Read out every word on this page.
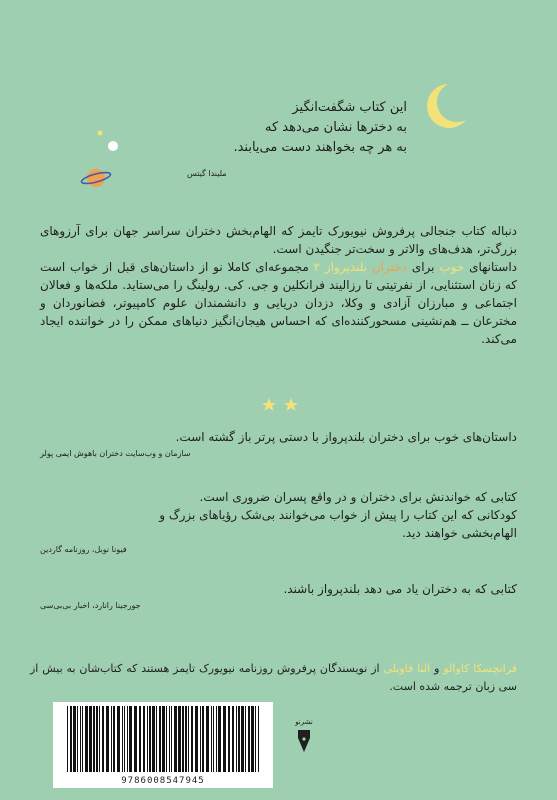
این کتاب شگفت‌انگیز
به دخترها نشان می‌دهد که
به هر چه بخواهند دست می‌یابند.
ملیندا گیتس

دنباله کتاب جنجالی پرفروش نیویورک تایمز که الهام‌بخش دختران سراسر جهان برای آرزوهای بزرگ‌تر، هدف‌های والاتر و سخت‌تر جنگیدن است.

داستانهای خوب برای دختران بلندپرواز ۲ مجموعه‌ای کاملا نو از داستان‌های قبل از خواب است که زنان استثنایی، از نفرتیتی تا رزالیند فرانکلین و جی. کی. رولینگ را می‌ستاید. ملکه‌ها و فعالان اجتماعی و مبارزان آزادی و وکلا، دزدان دریایی و دانشمندان علوم کامپیوتر، فضانوردان و مخترعان ــ هم‌نشینی مسحورکننده‌ای که احساس هیجان‌انگیز دنیاهای ممکن را در خواننده ایجاد می‌کند.

داستان‌های خوب برای دختران بلندپرواز با دستی پرتر باز گشته است.
سازمان و وب‌سایت دختران باهوش ایمی پولر
کتابی که خواندنش برای دختران و در واقع پسران ضروری است.
کودکانی که این کتاب را پیش از خواب می‌خوانند بی‌شک رؤیاهای بزرگ و
الهام‌بخشی خواهند دید.
فیونا نوبل، روزنامه گاردین
کتابی که به دختران یاد می دهد بلندپرواز باشند.
جورجینا رانارد، اخبار بی‌بی‌سی
فرانچسکا کاوالو و النا فاویلی از نویسندگان پرفروش روزنامه نیویورک تایمز هستند که کتاب‌شان به بیش از سی زبان ترجمه شده است.
9786008547945
نشرنو
